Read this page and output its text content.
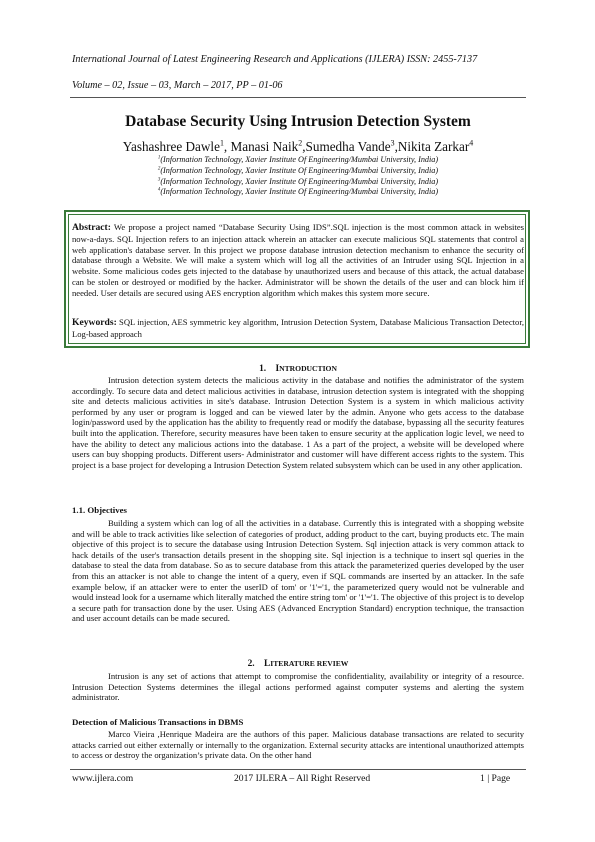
International Journal of Latest Engineering Research and Applications (IJLERA) ISSN: 2455-7137
Volume – 02, Issue – 03, March – 2017, PP – 01-06
Database Security Using Intrusion Detection System
Yashashree Dawle$^1$, Manasi Naik$^2$,Sumedha Vande$^3$,Nikita Zarkar$^4$
$^1$(Information Technology, Xavier Institute Of Engineering/Mumbai University, India)
$^2$(Information Technology, Xavier Institute Of Engineering/Mumbai University, India)
$^3$(Information Technology, Xavier Institute Of Engineering/Mumbai University, India)
$^4$(Information Technology, Xavier Institute Of Engineering/Mumbai University, India)
Abstract: We propose a project named “Database Security Using IDS”.SQL injection is the most common attack in websites now-a-days. SQL Injection refers to an injection attack wherein an attacker can execute malicious SQL statements that control a web application's database server. In this project we propose database intrusion detection mechanism to enhance the security of database through a Website. We will make a system which will log all the activities of an Intruder using SQL Injection in a website. Some malicious codes gets injected to the database by unauthorized users and because of this attack, the actual database can be stolen or destroyed or modified by the hacker. Administrator will be shown the details of the user and can block him if needed. User details are secured using AES encryption algorithm which makes this system more secure.
Keywords: SQL injection, AES symmetric key algorithm, Intrusion Detection System, Database Malicious Transaction Detector, Log-based approach
1. INTRODUCTION
Intrusion detection system detects the malicious activity in the database and notifies the administrator of the system accordingly. To secure data and detect malicious activities in database, intrusion detection system is integrated with the shopping site and detects malicious activities in site's database. Intrusion Detection System is a system in which malicious activity performed by any user or program is logged and can be viewed later by the admin. Anyone who gets access to the database login/password used by the application has the ability to frequently read or modify the database, bypassing all the security features built into the application. Therefore, security measures have been taken to ensure security at the application logic level, we need to have the ability to detect any malicious actions into the database. 1 As a part of the project, a website will be developed where users can buy shopping products. Different users- Administrator and customer will have different access rights to the system. This project is a base project for developing a Intrusion Detection System related subsystem which can be used in any other application.
1.1. Objectives
Building a system which can log of all the activities in a database. Currently this is integrated with a shopping website and will be able to track activities like selection of categories of product, adding product to the cart, buying products etc. The main objective of this project is to secure the database using Intrusion Detection System. Sql injection attack is very common attack to hack details of the user's transaction details present in the shopping site. Sql injection is a technique to insert sql queries in the database to steal the data from database. So as to secure database from this attack the parameterized queries developed by the user from this an attacker is not able to change the intent of a query, even if SQL commands are inserted by an attacker. In the safe example below, if an attacker were to enter the userID of tom' or '1'='1, the parameterized query would not be vulnerable and would instead look for a username which literally matched the entire string tom' or '1'='1. The objective of this project is to develop a secure path for transaction done by the user. Using AES (Advanced Encryption Standard) encryption technique, the transaction and user account details can be made secured.
2. LITERATURE REVIEW
Intrusion is any set of actions that attempt to compromise the confidentiality, availability or integrity of a resource. Intrusion Detection Systems determines the illegal actions performed against computer systems and alerting the system administrator.
Detection of Malicious Transactions in DBMS
Marco Vieira ,Henrique Madeira are the authors of this paper. Malicious database transactions are related to security attacks carried out either externally or internally to the organization. External security attacks are intentional unauthorized attempts to access or destroy the organization’s private data. On the other hand
www.ijlera.com	2017 IJLERA – All Right Reserved	1 | Page
